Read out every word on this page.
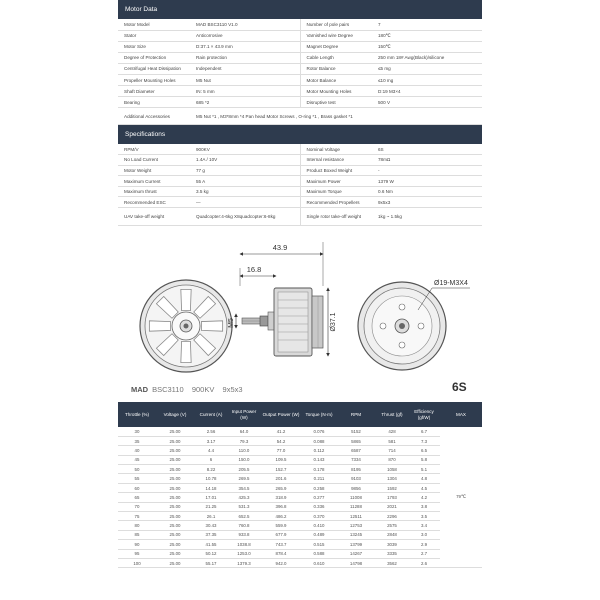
Motor Data
Motor Model	MAD BSC3110 V1.0	Number of pole pairs	7
Stator	Anticorrosive	Varnished wire Degree	180℃
Motor Size	D:37.1 × 43.9 mm	Magnet Degree	150℃
Degree of Protection	Rain protection	Cable Length	250 mm 18# Awg(Black)/silicone
Centrifugal Heat Dissipation	Independent	Rotor Balance	≤5 mg
Propeller Mounting Holes	M5 Nut	Motor Balance	≤10 mg
Shaft Diameter	IN: 5 mm	Motor Mounting Holes	D:19 M3×4
Bearing	685 *2	Disruptive test	500 V
Additional Accessories	M5 Nut *1 , M3*8mm *4 Pan head Motor Screws , O-ring *1 , Brass gasket *1		
Specifications
RPM/V	900KV	Nominal Voltage	6S
No Load Current	1.4A / 10V	Internal resistance	78mΩ
Motor Weight	77 g	Product Boxed Weight	-
Maximum Current	55 A	Maximum Power	1379 W
Maximum thrust	3.5 kg	Maximum Torque	0.6 Nm
Recommended ESC	—	Recommended Propellers	9x5x3
UAV take-off weight	Quadcopter:4-6kg X8quadcopter:6-8kg	Single rotor take-off weight	1kg ~ 1.5kg
43.9
16.8
M5	Ø37.1
Ø19-M3X4
MAD BSC3110 900KV 9x5x3	6S
Throttle (%)	Voltage (V)	Current (A)	Input Power (W)	Output Power (W)	Torque (N·m)	RPM	Thrust (gf)	Efficiency (gf/W)	MAX
30	25.00	2.56	64.0	41.2	0.076	5152	428	6.7	79℃
35	25.00	3.17	79.3	54.2	0.088	5865	581	7.3	
40	25.00	4.4	110.0	77.0	0.112	6587	714	6.5	
45	25.00	6	150.0	109.5	0.143	7334	870	5.8	
50	25.00	8.22	205.5	152.7	0.178	8195	1058	5.1	
55	25.00	10.78	269.5	201.6	0.211	9103	1304	4.8	
60	25.00	14.18	354.5	265.9	0.258	9856	1592	4.5	
65	25.00	17.01	425.3	318.9	0.277	11008	1793	4.2	
70	25.00	21.25	531.3	396.8	0.336	11288	2021	3.8	
75	25.00	26.1	652.5	486.2	0.370	12511	2296	3.5	
80	25.00	30.43	760.8	559.9	0.410	12753	2575	3.4	
85	25.00	37.35	933.8	677.9	0.489	13245	2848	3.0	
90	25.00	41.55	1038.8	743.7	0.515	13799	3039	2.9	
95	25.00	50.12	1253.0	878.4	0.588	14267	3335	2.7	
100	25.00	55.17	1379.3	942.0	0.610	14798	3562	2.6	
